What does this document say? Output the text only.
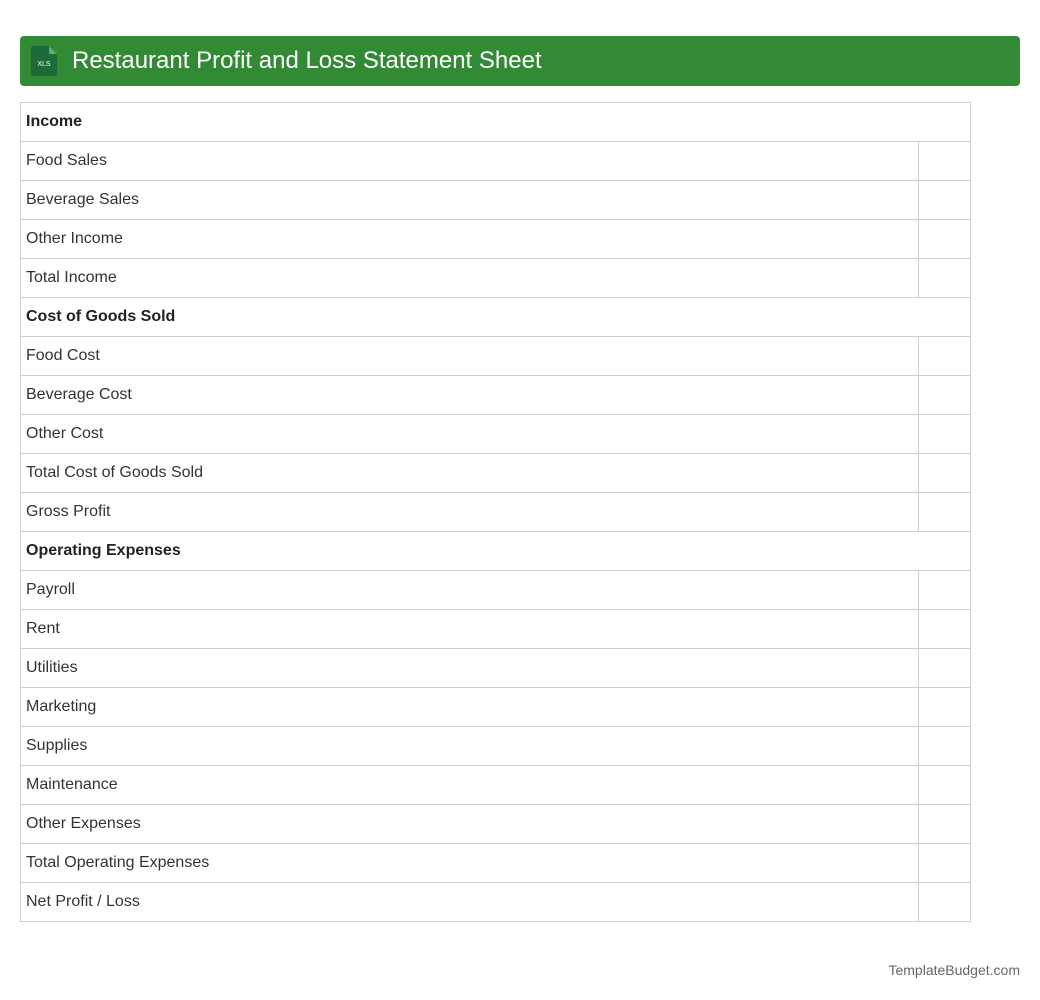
XLS Restaurant Profit and Loss Statement Sheet
Income	
Food Sales	
Beverage Sales	
Other Income	
Total Income	
Cost of Goods Sold	
Food Cost	
Beverage Cost	
Other Cost	
Total Cost of Goods Sold	
Gross Profit	
Operating Expenses	
Payroll	
Rent	
Utilities	
Marketing	
Supplies	
Maintenance	
Other Expenses	
Total Operating Expenses	
Net Profit / Loss	
TemplateBudget.com
